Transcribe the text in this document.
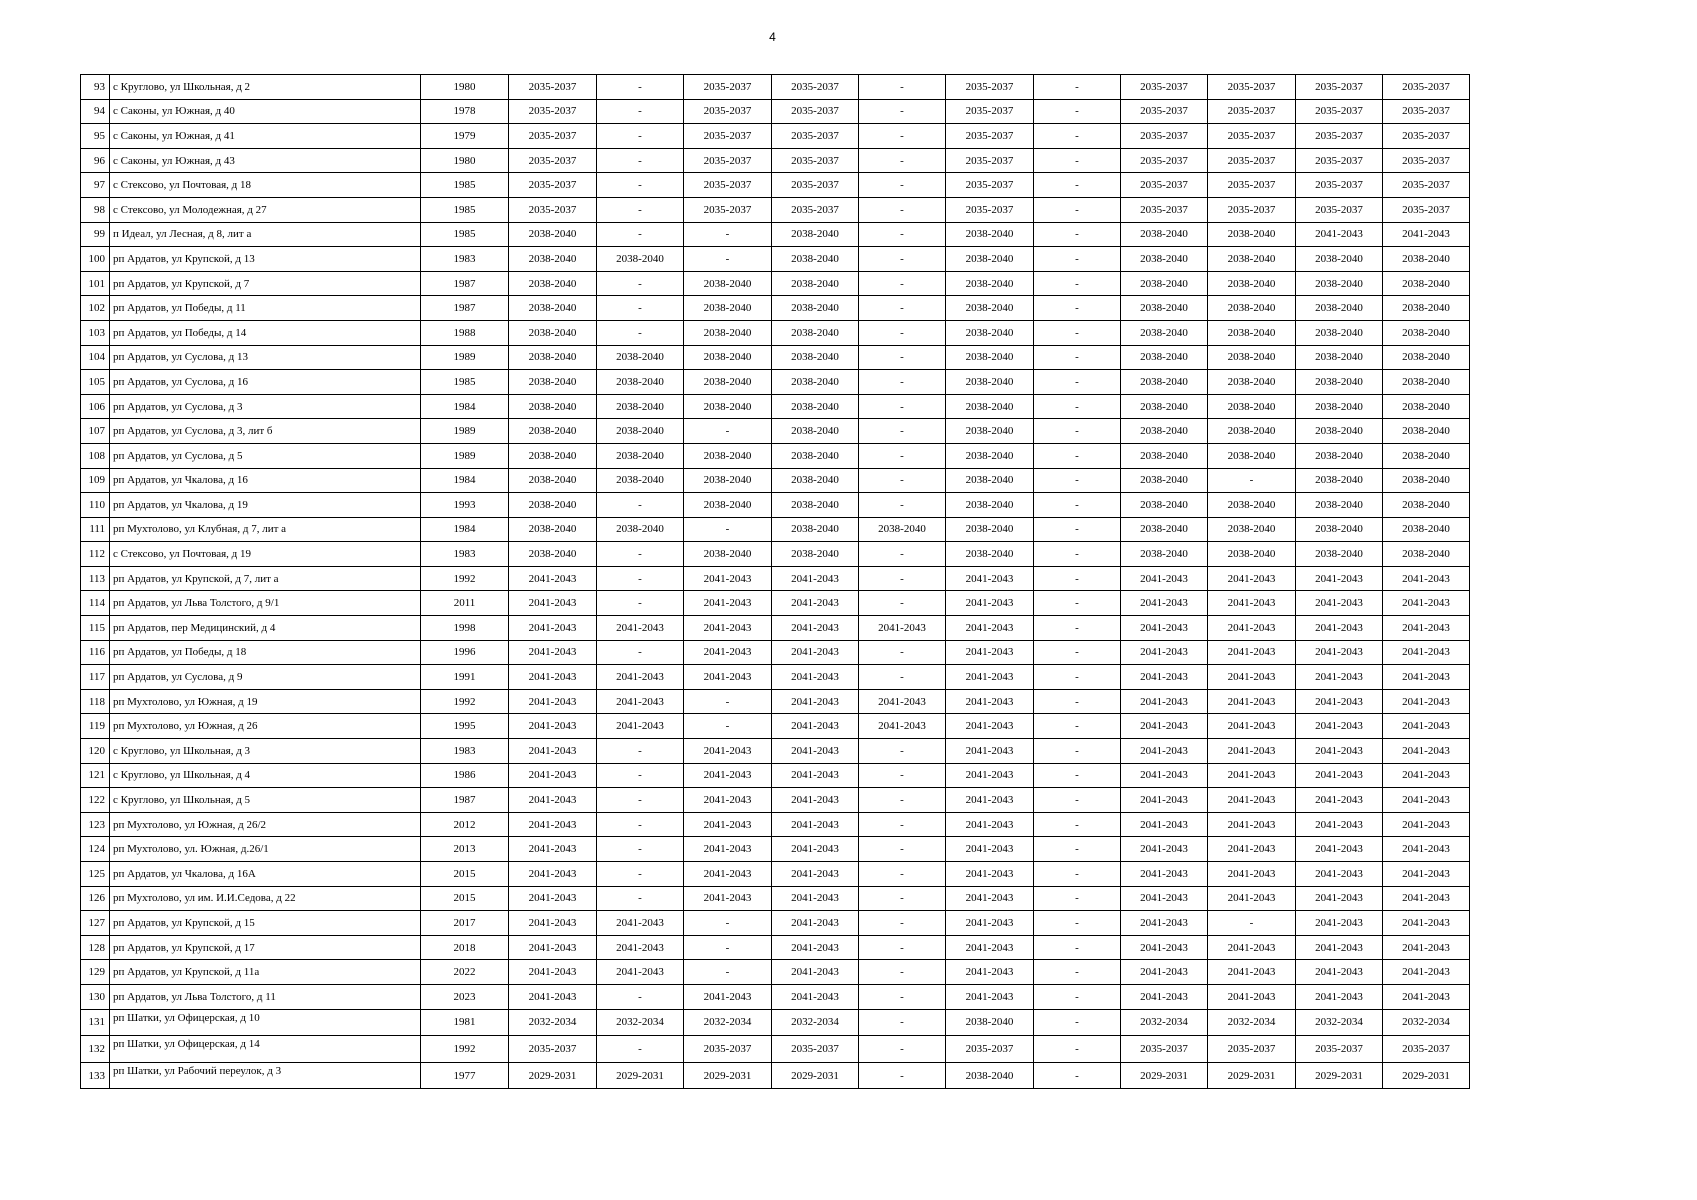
4
93	с Круглово, ул Школьная, д 2	1980	2035-2037	-	2035-2037	2035-2037	-	2035-2037	-	2035-2037	2035-2037	2035-2037	2035-2037
94	с Саконы, ул Южная, д 40	1978	2035-2037	-	2035-2037	2035-2037	-	2035-2037	-	2035-2037	2035-2037	2035-2037	2035-2037
95	с Саконы, ул Южная, д 41	1979	2035-2037	-	2035-2037	2035-2037	-	2035-2037	-	2035-2037	2035-2037	2035-2037	2035-2037
96	с Саконы, ул Южная, д 43	1980	2035-2037	-	2035-2037	2035-2037	-	2035-2037	-	2035-2037	2035-2037	2035-2037	2035-2037
97	с Стексово, ул Почтовая, д 18	1985	2035-2037	-	2035-2037	2035-2037	-	2035-2037	-	2035-2037	2035-2037	2035-2037	2035-2037
98	с Стексово, ул Молодежная, д 27	1985	2035-2037	-	2035-2037	2035-2037	-	2035-2037	-	2035-2037	2035-2037	2035-2037	2035-2037
99	п Идеал, ул Лесная, д 8, лит а	1985	2038-2040	-	-	2038-2040	-	2038-2040	-	2038-2040	2038-2040	2041-2043	2041-2043
100	рп Ардатов, ул Крупской, д 13	1983	2038-2040	2038-2040	-	2038-2040	-	2038-2040	-	2038-2040	2038-2040	2038-2040	2038-2040
101	рп Ардатов, ул Крупской, д 7	1987	2038-2040	-	2038-2040	2038-2040	-	2038-2040	-	2038-2040	2038-2040	2038-2040	2038-2040
102	рп Ардатов, ул Победы, д 11	1987	2038-2040	-	2038-2040	2038-2040	-	2038-2040	-	2038-2040	2038-2040	2038-2040	2038-2040
103	рп Ардатов, ул Победы, д 14	1988	2038-2040	-	2038-2040	2038-2040	-	2038-2040	-	2038-2040	2038-2040	2038-2040	2038-2040
104	рп Ардатов, ул Суслова, д 13	1989	2038-2040	2038-2040	2038-2040	2038-2040	-	2038-2040	-	2038-2040	2038-2040	2038-2040	2038-2040
105	рп Ардатов, ул Суслова, д 16	1985	2038-2040	2038-2040	2038-2040	2038-2040	-	2038-2040	-	2038-2040	2038-2040	2038-2040	2038-2040
106	рп Ардатов, ул Суслова, д 3	1984	2038-2040	2038-2040	2038-2040	2038-2040	-	2038-2040	-	2038-2040	2038-2040	2038-2040	2038-2040
107	рп Ардатов, ул Суслова, д 3, лит б	1989	2038-2040	2038-2040	-	2038-2040	-	2038-2040	-	2038-2040	2038-2040	2038-2040	2038-2040
108	рп Ардатов, ул Суслова, д 5	1989	2038-2040	2038-2040	2038-2040	2038-2040	-	2038-2040	-	2038-2040	2038-2040	2038-2040	2038-2040
109	рп Ардатов, ул Чкалова, д 16	1984	2038-2040	2038-2040	2038-2040	2038-2040	-	2038-2040	-	2038-2040	-	2038-2040	2038-2040
110	рп Ардатов, ул Чкалова, д 19	1993	2038-2040	-	2038-2040	2038-2040	-	2038-2040	-	2038-2040	2038-2040	2038-2040	2038-2040
111	рп Мухтолово, ул Клубная, д 7, лит а	1984	2038-2040	2038-2040	-	2038-2040	2038-2040	2038-2040	-	2038-2040	2038-2040	2038-2040	2038-2040
112	с Стексово, ул Почтовая, д 19	1983	2038-2040	-	2038-2040	2038-2040	-	2038-2040	-	2038-2040	2038-2040	2038-2040	2038-2040
113	рп Ардатов, ул Крупской, д 7, лит а	1992	2041-2043	-	2041-2043	2041-2043	-	2041-2043	-	2041-2043	2041-2043	2041-2043	2041-2043
114	рп Ардатов, ул Льва Толстого, д 9/1	2011	2041-2043	-	2041-2043	2041-2043	-	2041-2043	-	2041-2043	2041-2043	2041-2043	2041-2043
115	рп Ардатов, пер Медицинский, д 4	1998	2041-2043	2041-2043	2041-2043	2041-2043	2041-2043	2041-2043	-	2041-2043	2041-2043	2041-2043	2041-2043
116	рп Ардатов, ул Победы, д 18	1996	2041-2043	-	2041-2043	2041-2043	-	2041-2043	-	2041-2043	2041-2043	2041-2043	2041-2043
117	рп Ардатов, ул Суслова, д 9	1991	2041-2043	2041-2043	2041-2043	2041-2043	-	2041-2043	-	2041-2043	2041-2043	2041-2043	2041-2043
118	рп Мухтолово, ул Южная, д 19	1992	2041-2043	2041-2043	-	2041-2043	2041-2043	2041-2043	-	2041-2043	2041-2043	2041-2043	2041-2043
119	рп Мухтолово, ул Южная, д 26	1995	2041-2043	2041-2043	-	2041-2043	2041-2043	2041-2043	-	2041-2043	2041-2043	2041-2043	2041-2043
120	с Круглово, ул Школьная, д 3	1983	2041-2043	-	2041-2043	2041-2043	-	2041-2043	-	2041-2043	2041-2043	2041-2043	2041-2043
121	с Круглово, ул Школьная, д 4	1986	2041-2043	-	2041-2043	2041-2043	-	2041-2043	-	2041-2043	2041-2043	2041-2043	2041-2043
122	с Круглово, ул Школьная, д 5	1987	2041-2043	-	2041-2043	2041-2043	-	2041-2043	-	2041-2043	2041-2043	2041-2043	2041-2043
123	рп Мухтолово, ул Южная, д 26/2	2012	2041-2043	-	2041-2043	2041-2043	-	2041-2043	-	2041-2043	2041-2043	2041-2043	2041-2043
124	рп Мухтолово, ул. Южная, д.26/1	2013	2041-2043	-	2041-2043	2041-2043	-	2041-2043	-	2041-2043	2041-2043	2041-2043	2041-2043
125	рп Ардатов, ул Чкалова, д 16А	2015	2041-2043	-	2041-2043	2041-2043	-	2041-2043	-	2041-2043	2041-2043	2041-2043	2041-2043
126	рп Мухтолово, ул им. И.И.Седова, д 22	2015	2041-2043	-	2041-2043	2041-2043	-	2041-2043	-	2041-2043	2041-2043	2041-2043	2041-2043
127	рп Ардатов, ул Крупской, д 15	2017	2041-2043	2041-2043	-	2041-2043	-	2041-2043	-	2041-2043	-	2041-2043	2041-2043
128	рп Ардатов, ул Крупской, д 17	2018	2041-2043	2041-2043	-	2041-2043	-	2041-2043	-	2041-2043	2041-2043	2041-2043	2041-2043
129	рп Ардатов, ул Крупской, д 11а	2022	2041-2043	2041-2043	-	2041-2043	-	2041-2043	-	2041-2043	2041-2043	2041-2043	2041-2043
130	рп Ардатов, ул Льва Толстого, д 11	2023	2041-2043	-	2041-2043	2041-2043	-	2041-2043	-	2041-2043	2041-2043	2041-2043	2041-2043
131	рп Шатки, ул Офицерская, д 10	1981	2032-2034	2032-2034	2032-2034	2032-2034	-	2038-2040	-	2032-2034	2032-2034	2032-2034	2032-2034
132	рп Шатки, ул Офицерская, д 14	1992	2035-2037	-	2035-2037	2035-2037	-	2035-2037	-	2035-2037	2035-2037	2035-2037	2035-2037
133	рп Шатки, ул Рабочий переулок, д 3	1977	2029-2031	2029-2031	2029-2031	2029-2031	-	2038-2040	-	2029-2031	2029-2031	2029-2031	2029-2031
